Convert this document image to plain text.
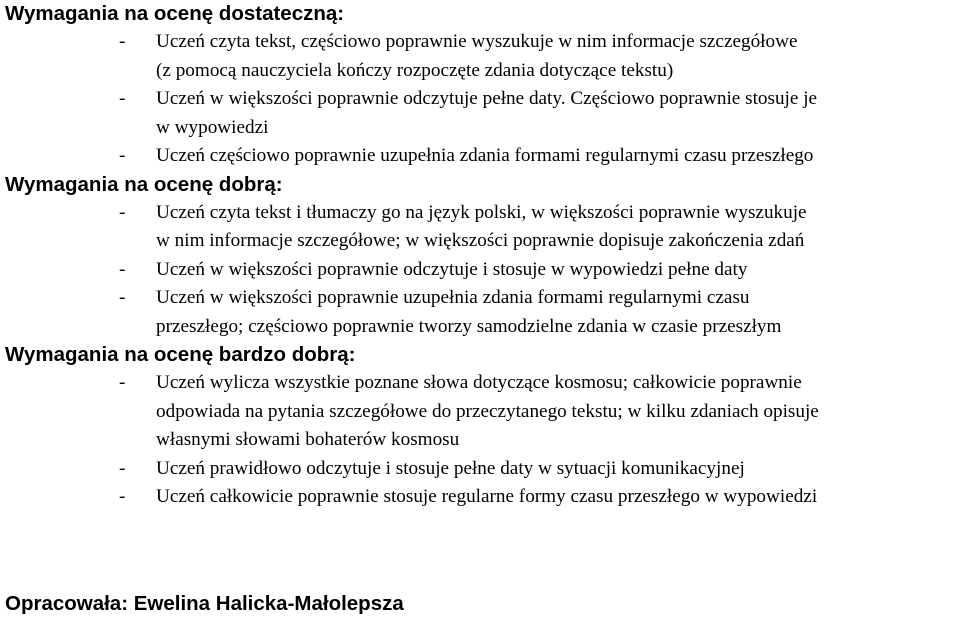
Wymagania na ocenę dostateczną:
- Uczeń czyta tekst, częściowo poprawnie wyszukuje w nim informacje szczegółowe
(z pomocą nauczyciela kończy rozpoczęte zdania dotyczące tekstu)
- Uczeń w większości poprawnie odczytuje pełne daty. Częściowo poprawnie stosuje je
w wypowiedzi
- Uczeń częściowo poprawnie uzupełnia zdania formami regularnymi czasu przeszłego
Wymagania na ocenę dobrą:
- Uczeń czyta tekst i tłumaczy go na język polski, w większości poprawnie wyszukuje
w nim informacje szczegółowe; w większości poprawnie dopisuje zakończenia zdań
- Uczeń w większości poprawnie odczytuje i stosuje w wypowiedzi pełne daty
- Uczeń w większości poprawnie uzupełnia zdania formami regularnymi czasu
przeszłego; częściowo poprawnie tworzy samodzielne zdania w czasie przeszłym
Wymagania na ocenę bardzo dobrą:
- Uczeń wylicza wszystkie poznane słowa dotyczące kosmosu; całkowicie poprawnie
odpowiada na pytania szczegółowe do przeczytanego tekstu; w kilku zdaniach opisuje
własnymi słowami bohaterów kosmosu
- Uczeń prawidłowo odczytuje i stosuje pełne daty w sytuacji komunikacyjnej
- Uczeń całkowicie poprawnie stosuje regularne formy czasu przeszłego w wypowiedzi
Opracowała: Ewelina Halicka-Małolepsza
